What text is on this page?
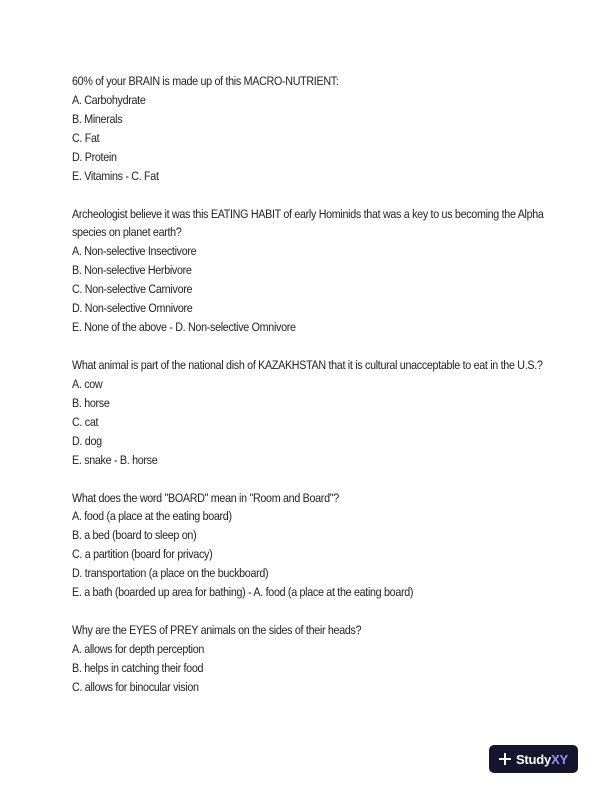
60% of your BRAIN is made up of this MACRO-NUTRIENT:
A. Carbohydrate
B. Minerals
C. Fat
D. Protein
E. Vitamins - C. Fat
Archeologist believe it was this EATING HABIT of early Hominids that was a key to us becoming the Alpha species on planet earth?
A. Non-selective Insectivore
B. Non-selective Herbivore
C. Non-selective Carnivore
D. Non-selective Omnivore
E. None of the above - D. Non-selective Omnivore
What animal is part of the national dish of KAZAKHSTAN that it is cultural unacceptable to eat in the U.S.?
A. cow
B. horse
C. cat
D. dog
E. snake - B. horse
What does the word "BOARD" mean in "Room and Board"?
A. food (a place at the eating board)
B. a bed (board to sleep on)
C. a partition (board for privacy)
D. transportation (a place on the buckboard)
E. a bath (boarded up area for bathing) - A. food (a place at the eating board)
Why are the EYES of PREY animals on the sides of their heads?
A. allows for depth perception
B. helps in catching their food
C. allows for binocular vision
StudyXY
